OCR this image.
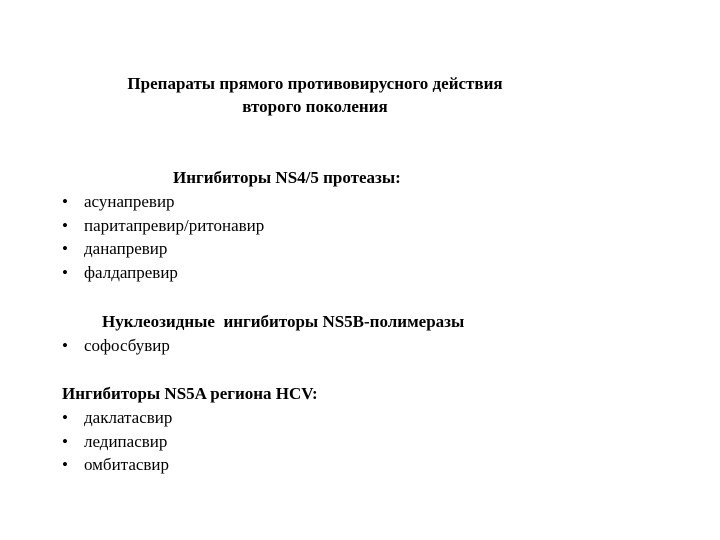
Препараты прямого противовирусного действия
второго поколения
Ингибиторы NS4/5 протеазы:
• асунапревир
• паритапревир/ритонавир
• данапревир
• фалдапревир
Нуклеозидные  ингибиторы NS5B-полимеразы
• софосбувир
Ингибиторы NS5A региона HCV:
• даклатасвир
• ледипасвир
• омбитасвир
